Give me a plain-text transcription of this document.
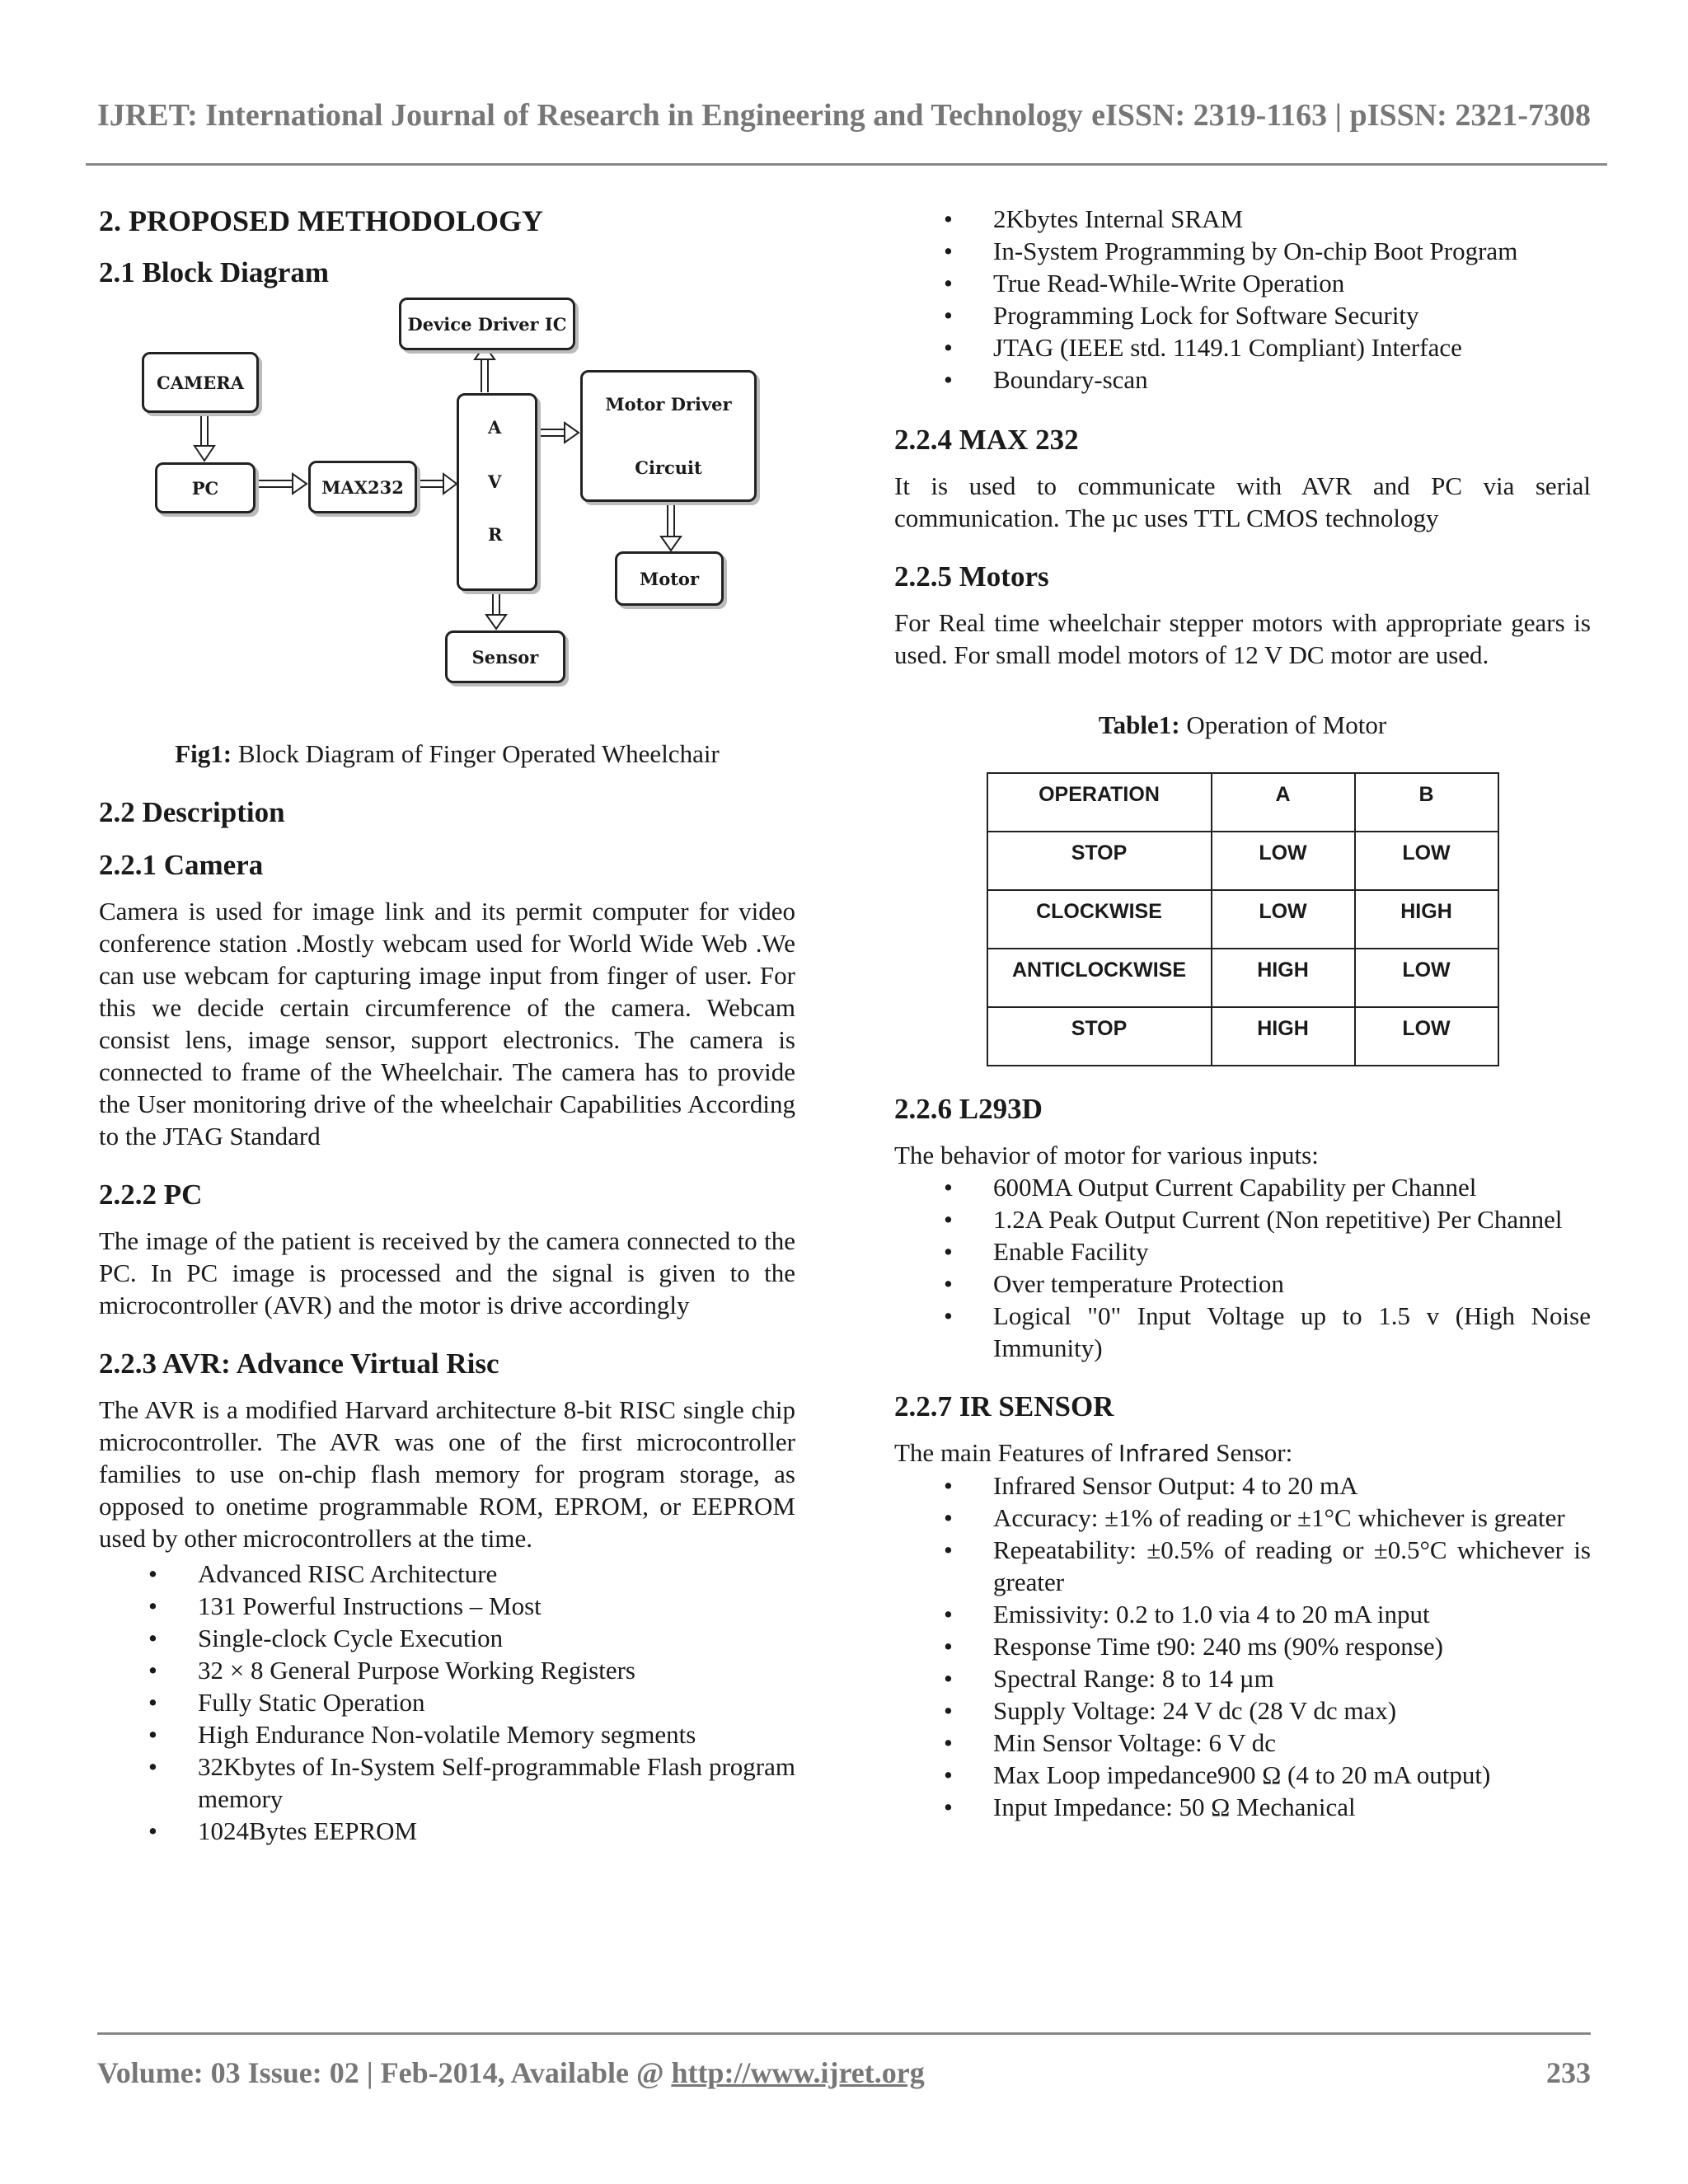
IJRET: International Journal of Research in Engineering and Technology eISSN: 2319-1163 | pISSN: 2321-7308
2. PROPOSED METHODOLOGY
2.1 Block Diagram
CAMERA
PC	MAX232
Device Driver IC
A
V
R
Motor Driver
Circuit
Motor
Sensor

Fig1: Block Diagram of Finger Operated Wheelchair

2.2 Description
2.2.1 Camera

Camera is used for image link and its permit computer for video conference station .Mostly webcam used for World Wide Web .We can use webcam for capturing image input from finger of user. For this we decide certain circumference of the camera. Webcam consist lens, image sensor, support electronics. The camera is connected to frame of the Wheelchair. The camera has to provide the User monitoring drive of the wheelchair Capabilities According to the JTAG Standard

2.2.2 PC

The image of the patient is received by the camera connected to the PC. In PC image is processed and the signal is given to the microcontroller (AVR) and the motor is drive accordingly

2.2.3 AVR: Advance Virtual Risc

The AVR is a modified Harvard architecture 8-bit RISC single chip microcontroller. The AVR was one of the first microcontroller families to use on-chip flash memory for program storage, as opposed to onetime programmable ROM, EPROM, or EEPROM used by other microcontrollers at the time.

• Advanced RISC Architecture
• 131 Powerful Instructions – Most
• Single-clock Cycle Execution
• 32 × 8 General Purpose Working Registers
• Fully Static Operation
• High Endurance Non-volatile Memory segments
• 32Kbytes of In-System Self-programmable Flash program memory
• 1024Bytes EEPROM
• 2Kbytes Internal SRAM
• In-System Programming by On-chip Boot Program
• True Read-While-Write Operation
• Programming Lock for Software Security
• JTAG (IEEE std. 1149.1 Compliant) Interface
• Boundary-scan
2.2.4 MAX 232

It is used to communicate with AVR and PC via serial communication. The µc uses TTL CMOS technology

2.2.5 Motors

For Real time wheelchair stepper motors with appropriate gears is used. For small model motors of 12 V DC motor are used.

Table1: Operation of Motor

OPERATION	A	B
STOP	LOW	LOW
CLOCKWISE	LOW	HIGH
ANTICLOCKWISE	HIGH	LOW
STOP	HIGH	LOW
2.2.6 L293D

The behavior of motor for various inputs:

• 600MA Output Current Capability per Channel
• 1.2A Peak Output Current (Non repetitive) Per Channel
• Enable Facility
• Over temperature Protection
• Logical "0" Input Voltage up to 1.5 v (High Noise Immunity)
2.2.7 IR SENSOR

The main Features of Infrared Sensor:

• Infrared Sensor Output: 4 to 20 mA
• Accuracy: ±1% of reading or ±1°C whichever is greater
• Repeatability: ±0.5% of reading or ±0.5°C whichever is greater
• Emissivity: 0.2 to 1.0 via 4 to 20 mA input
• Response Time t90: 240 ms (90% response)
• Spectral Range: 8 to 14 µm
• Supply Voltage: 24 V dc (28 V dc max)
• Min Sensor Voltage: 6 V dc
• Max Loop impedance900 Ω (4 to 20 mA output)
• Input Impedance: 50 Ω Mechanical
Volume: 03 Issue: 02 | Feb-2014, Available @ http://www.ijret.org	233
